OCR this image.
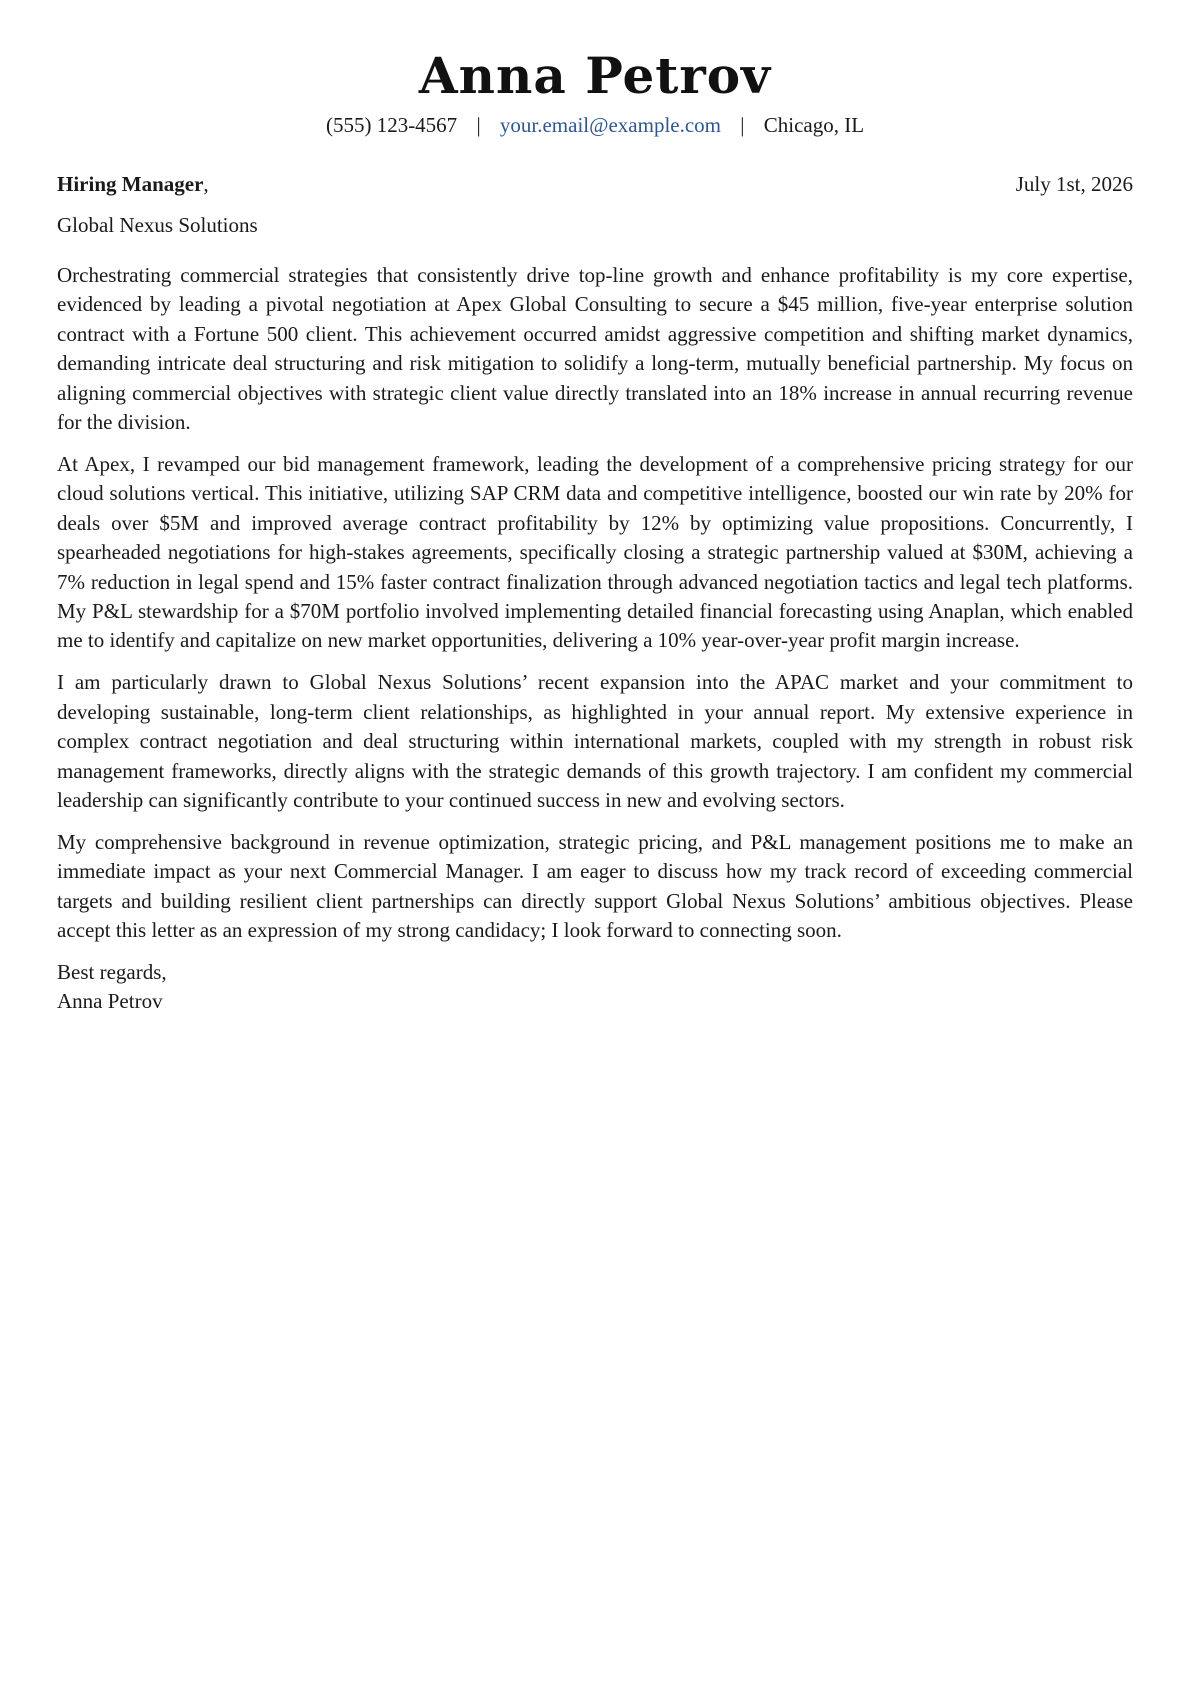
Anna Petrov
(555) 123-4567 | your.email@example.com | Chicago, IL
Hiring Manager,	July 1st, 2026
Global Nexus Solutions

Orchestrating commercial strategies that consistently drive top-line growth and enhance profitability is my core expertise, evidenced by leading a pivotal negotiation at Apex Global Consulting to secure a $45 million, five-year enterprise solution contract with a Fortune 500 client. This achievement occurred amidst aggressive competition and shifting market dynamics, demanding intricate deal structuring and risk mitigation to solidify a long-term, mutually beneficial partnership. My focus on aligning commercial objectives with strategic client value directly translated into an 18% increase in annual recurring revenue for the division.

At Apex, I revamped our bid management framework, leading the development of a comprehensive pricing strategy for our cloud solutions vertical. This initiative, utilizing SAP CRM data and competitive intelligence, boosted our win rate by 20% for deals over $5M and improved average contract profitability by 12% by optimizing value propositions. Concurrently, I spearheaded negotiations for high-stakes agreements, specifically closing a strategic partnership valued at $30M, achieving a 7% reduction in legal spend and 15% faster contract finalization through advanced negotiation tactics and legal tech platforms. My P&L stewardship for a $70M portfolio involved implementing detailed financial forecasting using Anaplan, which enabled me to identify and capitalize on new market opportunities, delivering a 10% year-over-year profit margin increase.

I am particularly drawn to Global Nexus Solutions’ recent expansion into the APAC market and your commitment to developing sustainable, long-term client relationships, as highlighted in your annual report. My extensive experience in complex contract negotiation and deal structuring within international markets, coupled with my strength in robust risk management frameworks, directly aligns with the strategic demands of this growth trajectory. I am confident my commercial leadership can significantly contribute to your continued success in new and evolving sectors.

My comprehensive background in revenue optimization, strategic pricing, and P&L management positions me to make an immediate impact as your next Commercial Manager. I am eager to discuss how my track record of exceeding commercial targets and building resilient client partnerships can directly support Global Nexus Solutions’ ambitious objectives. Please accept this letter as an expression of my strong candidacy; I look forward to connecting soon.

Best regards,
Anna Petrov
